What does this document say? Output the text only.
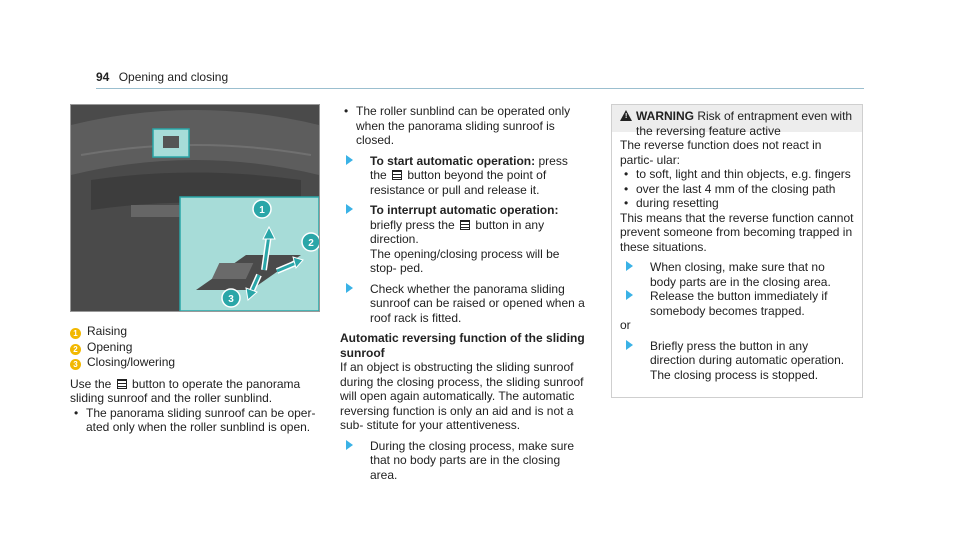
94 Opening and closing
1
2
3
1 Raising
2 Opening
3 Closing/lowering

Use the button to operate the panorama sliding sunroof and the roller sunblind.

• The panorama sliding sunroof can be oper- ated only when the roller sunblind is open.

• The roller sunblind can be operated only when the panorama sliding sunroof is closed.

To start automatic operation: press the button beyond the point of resistance or pull and release it.

To interrupt automatic operation: briefly press the button in any direction.
The opening/closing process will be stop- ped.

Check whether the panorama sliding sunroof can be raised or opened when a roof rack is fitted.

Automatic reversing function of the sliding sunroof

If an object is obstructing the sliding sunroof during the closing process, the sliding sunroof will open again automatically. The automatic reversing function is only an aid and is not a sub- stitute for your attentiveness.

During the closing process, make sure that no body parts are in the closing area.

! WARNING Risk of entrapment even with the reversing feature active

The reverse function does not react in partic- ular:

• to soft, light and thin objects, e.g. fingers

• over the last 4 mm of the closing path

• during resetting

This means that the reverse function cannot prevent someone from becoming trapped in these situations.

When closing, make sure that no body parts are in the closing area.

Release the button immediately if somebody becomes trapped.

or

Briefly press the button in any direction during automatic operation.
The closing process is stopped.
